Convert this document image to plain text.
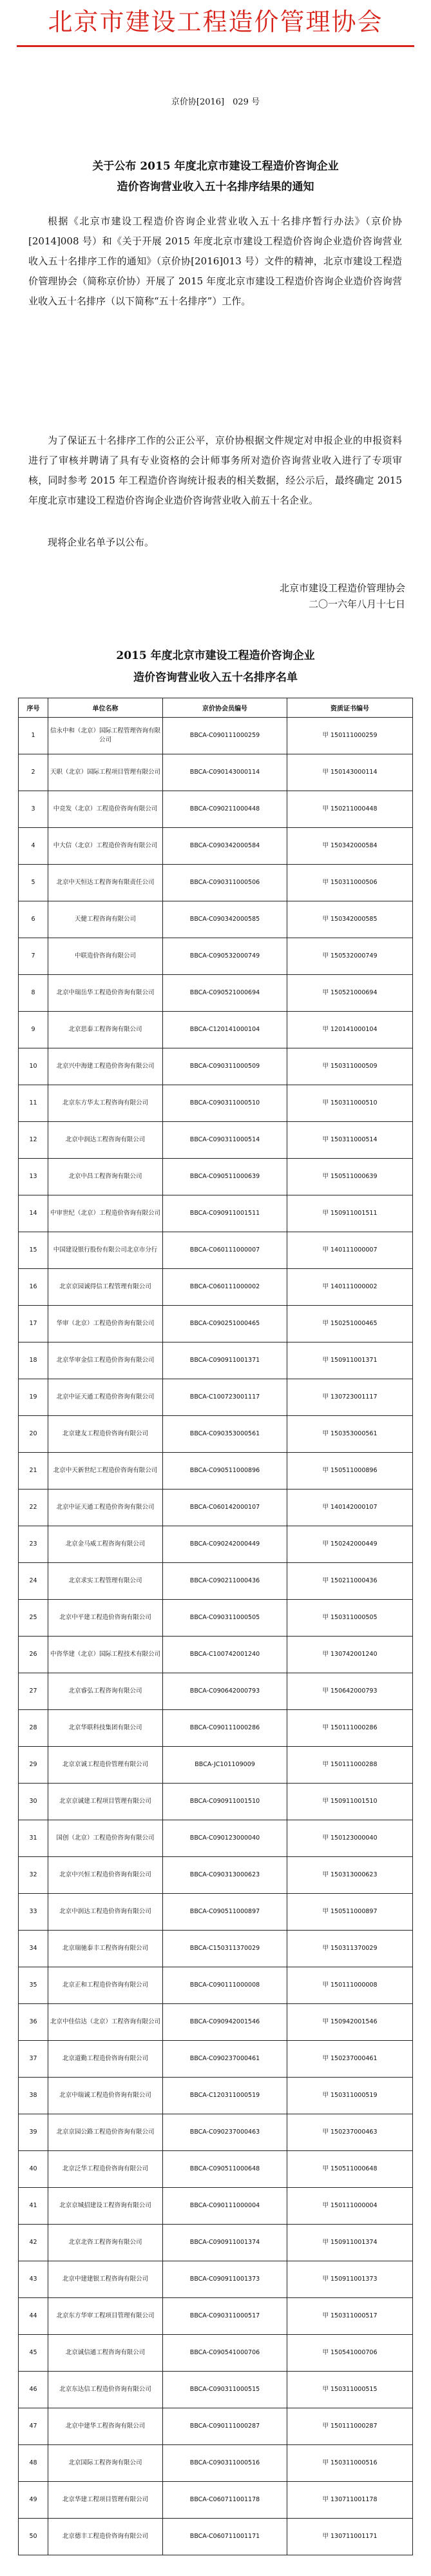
北京市建设工程造价管理协会
京价协[2016]　029 号
关于公布 2015 年度北京市建设工程造价咨询企业
造价咨询营业收入五十名排序结果的通知

根据《北京市建设工程造价咨询企业营业收入五十名排序暂行办法》（京价协[2014]008 号）和《关于开展 2015 年度北京市建设工程造价咨询企业造价咨询营业收入五十名排序工作的通知》（京价协[2016]013 号）文件的精神，北京市建设工程造价管理协会（简称京价协）开展了 2015 年度北京市建设工程造价咨询企业造价咨询营业收入五十名排序（以下简称“五十名排序”）工作。

为了保证五十名排序工作的公正公平，京价协根据文件规定对申报企业的申报资料进行了审核并聘请了具有专业资格的会计师事务所对造价咨询营业收入进行了专项审核，同时参考 2015 年工程造价咨询统计报表的相关数据，经公示后，最终确定 2015 年度北京市建设工程造价咨询企业造价咨询营业收入前五十名企业。

现将企业名单予以公布。

北京市建设工程造价管理协会
二〇一六年八月十七日
2015 年度北京市建设工程造价咨询企业
造价咨询营业收入五十名排序名单
序号	单位名称	京价协会员编号	资质证书编号
1	信永中和（北京）国际工程管理咨询有限公司	BBCA-C090111000259	甲 150111000259
2	天职（北京）国际工程项目管理有限公司	BBCA-C090143000114	甲 150143000114
3	中竞发（北京）工程造价咨询有限公司	BBCA-C090211000448	甲 150211000448
4	中大信（北京）工程造价咨询有限公司	BBCA-C090342000584	甲 150342000584
5	北京中天恒达工程咨询有限责任公司	BBCA-C090311000506	甲 150311000506
6	天健工程咨询有限公司	BBCA-C090342000585	甲 150342000585
7	中联造价咨询有限公司	BBCA-C090532000749	甲 150532000749
8	北京中瑞岳华工程造价咨询有限公司	BBCA-C090521000694	甲 150521000694
9	北京思泰工程咨询有限公司	BBCA-C120141000104	甲 120141000104
10	北京兴中海建工程造价咨询有限公司	BBCA-C090311000509	甲 150311000509
11	北京东方华太工程咨询有限公司	BBCA-C090311000510	甲 150311000510
12	北京中润达工程咨询有限公司	BBCA-C090311000514	甲 150311000514
13	北京中昌工程咨询有限公司	BBCA-C090511000639	甲 150511000639
14	中审世纪（北京）工程造价咨询有限公司	BBCA-C090911001511	甲 150911001511
15	中国建设银行股份有限公司北京市分行	BBCA-C060111000007	甲 140111000007
16	北京京园诚得信工程管理有限公司	BBCA-C060111000002	甲 140111000002
17	华审（北京）工程造价咨询有限公司	BBCA-C090251000465	甲 150251000465
18	北京华审金信工程造价咨询有限公司	BBCA-C090911001371	甲 150911001371
19	北京中证天通工程造价咨询有限公司	BBCA-C100723001117	甲 130723001117
20	北京建友工程造价咨询有限公司	BBCA-C090353000561	甲 150353000561
21	北京中天新世纪工程造价咨询有限公司	BBCA-C090511000896	甲 150511000896
22	北京中证天通工程造价咨询有限公司	BBCA-C060142000107	甲 140142000107
23	北京金马威工程咨询有限公司	BBCA-C090242000449	甲 150242000449
24	北京求实工程管理有限公司	BBCA-C090211000436	甲 150211000436
25	北京中平建工程造价咨询有限公司	BBCA-C090311000505	甲 150311000505
26	中咨华建（北京）国际工程技术有限公司	BBCA-C100742001240	甲 130742001240
27	北京睿弘工程咨询有限公司	BBCA-C090642000793	甲 150642000793
28	北京华联科技集团有限公司	BBCA-C090111000286	甲 150111000286
29	北京京诚工程造价管理有限公司	BBCA-JC101109009	甲 150111000288
30	北京京诚建工程项目管理有限公司	BBCA-C090911001510	甲 150911001510
31	国创（北京）工程造价咨询有限公司	BBCA-C090123000040	甲 150123000040
32	北京中兴恒工程造价咨询有限公司	BBCA-C090313000623	甲 150313000623
33	北京中润达工程造价咨询有限公司	BBCA-C090511000897	甲 150511000897
34	北京瑞驰泰丰工程咨询有限公司	BBCA-C150311370029	甲 150311370029
35	北京正和工程造价咨询有限公司	BBCA-C090111000008	甲 150111000008
36	北京中佳信达（北京）工程咨询有限公司	BBCA-C090942001546	甲 150942001546
37	北京道勤工程造价咨询有限公司	BBCA-C090237000461	甲 150237000461
38	北京中瑞诚工程造价咨询有限公司	BBCA-C120311000519	甲 150311000519
39	北京京园公路工程造价咨询有限公司	BBCA-C090237000463	甲 150237000463
40	北京泛华工程造价咨询有限公司	BBCA-C090511000648	甲 150511000648
41	北京京城招建设工程咨询有限公司	BBCA-C090111000004	甲 150111000004
42	北京北咨工程咨询有限公司	BBCA-C090911001374	甲 150911001374
43	北京中建建银工程咨询有限公司	BBCA-C090911001373	甲 150911001373
44	北京东方华审工程项目管理有限公司	BBCA-C090311000517	甲 150311000517
45	北京诚信通工程咨询有限公司	BBCA-C090541000706	甲 150541000706
46	北京东达信工程造价咨询有限公司	BBCA-C090311000515	甲 150311000515
47	北京中建华工程咨询有限公司	BBCA-C090111000287	甲 150111000287
48	北京国际工程咨询有限公司	BBCA-C090311000516	甲 150311000516
49	北京华建工程项目管理有限公司	BBCA-C060711001178	甲 130711001178
50	北京德丰工程造价咨询有限公司	BBCA-C060711001171	甲 130711001171
